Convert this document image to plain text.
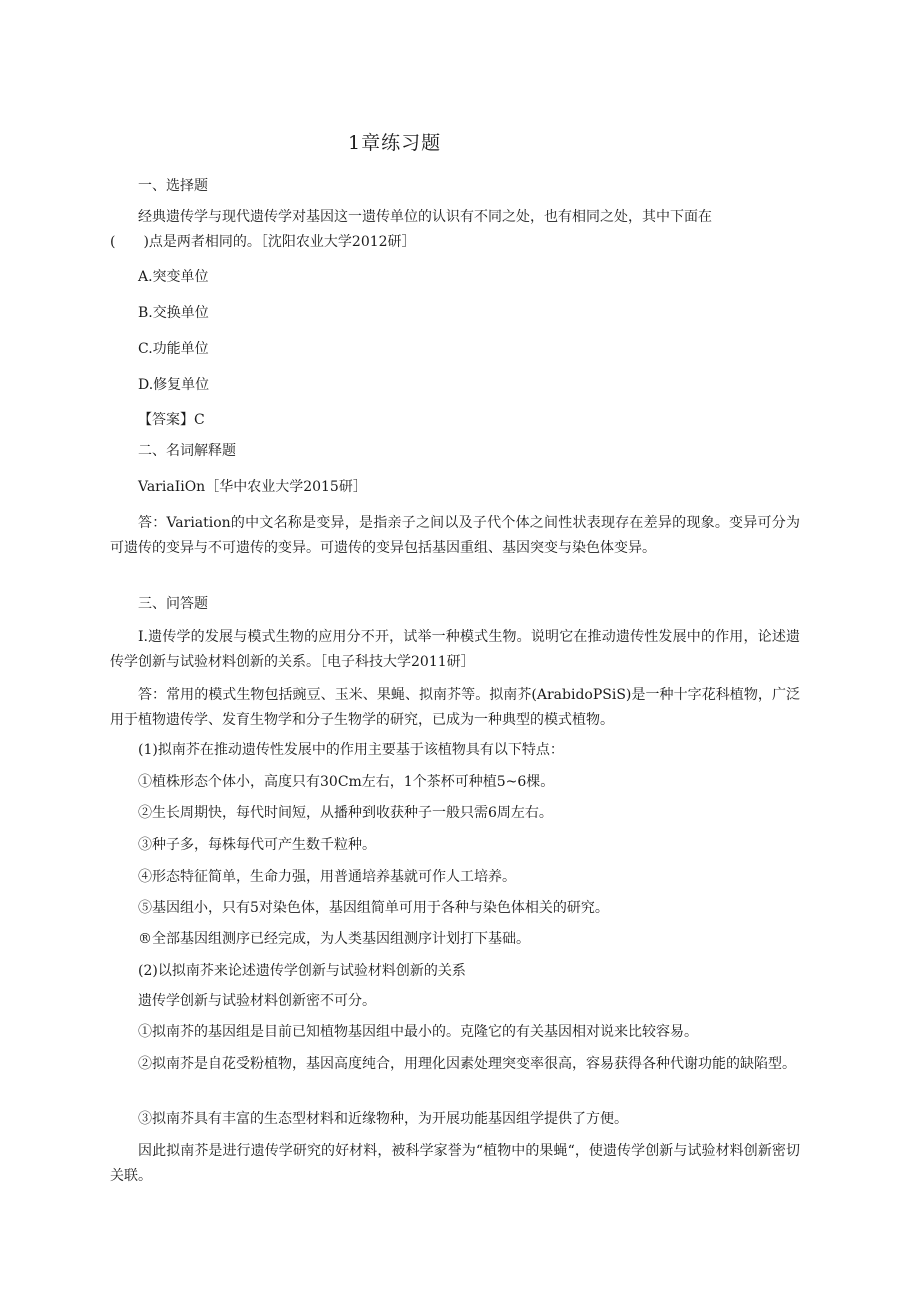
1章练习题
一、选择题
经典遗传学与现代遗传学对基因这一遗传单位的认识有不同之处，也有相同之处，其中下面在
(　　)点是两者相同的。［沈阳农业大学2012研］
A.突变单位
B.交换单位
C.功能单位
D.修复单位
【答案】C
二、名词解释题
VariaIiOn［华中农业大学2015研］

答：Variation的中文名称是变异，是指亲子之间以及子代个体之间性状表现存在差异的现象。变异可分为可遗传的变异与不可遗传的变异。可遗传的变异包括基因重组、基因突变与染色体变异。

三、问答题

I.遗传学的发展与模式生物的应用分不开，试举一种模式生物。说明它在推动遗传性发展中的作用，论述遗传学创新与试验材料创新的关系。［电子科技大学2011研］

答：常用的模式生物包括豌豆、玉米、果蝇、拟南芥等。拟南芥(ArabidoPSiS)是一种十字花科植物，广泛用于植物遗传学、发育生物学和分子生物学的研究，已成为一种典型的模式植物。

(1)拟南芥在推动遗传性发展中的作用主要基于该植物具有以下特点：
①植株形态个体小，高度只有30Cm左右，1个茶杯可种植5~6棵。
②生长周期快，每代时间短，从播种到收获种子一般只需6周左右。
③种子多，每株每代可产生数千粒种。
④形态特征简单，生命力强，用普通培养基就可作人工培养。
⑤基因组小，只有5对染色体，基因组简单可用于各种与染色体相关的研究。
®全部基因组测序已经完成，为人类基因组测序计划打下基础。
(2)以拟南芥来论述遗传学创新与试验材料创新的关系
遗传学创新与试验材料创新密不可分。
①拟南芥的基因组是目前已知植物基因组中最小的。克隆它的有关基因相对说来比较容易。

②拟南芥是自花受粉植物，基因高度纯合，用理化因素处理突变率很高，容易获得各种代谢功能的缺陷型。

③拟南芥具有丰富的生态型材料和近缘物种，为开展功能基因组学提供了方便。

因此拟南芥是进行遗传学研究的好材料，被科学家誉为“植物中的果蝇“，使遗传学创新与试验材料创新密切关联。
